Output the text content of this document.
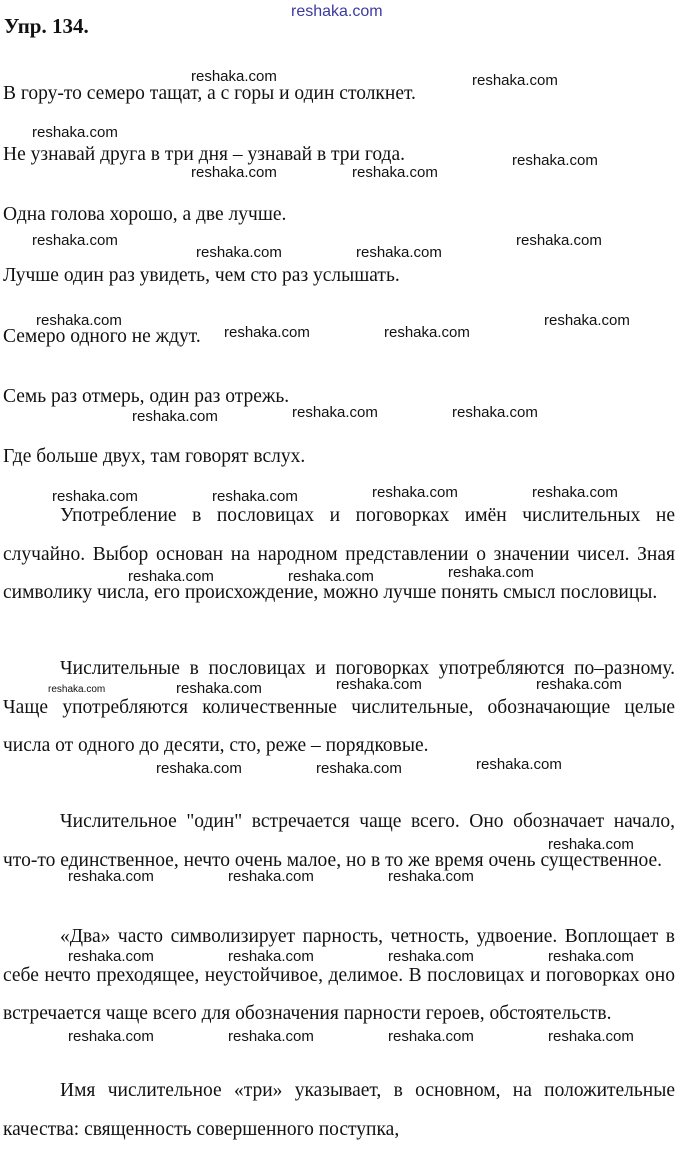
Упр. 134.

В гору-то семеро тащат, а с горы и один столкнет.

Не узнавай друга в три дня – узнавай в три года.

Одна голова хорошо, а две лучше.

Лучше один раз увидеть, чем сто раз услышать.

Семеро одного не ждут.

Семь раз отмерь, один раз отрежь.

Где больше двух, там говорят вслух.

Употребление в пословицах и поговорках имён числительных не случайно. Выбор основан на народном представлении о значении чисел. Зная символику числа, его происхождение, можно лучше понять смысл пословицы.

Числительные в пословицах и поговорках употребляются по–разному. Чаще употребляются количественные числительные, обозначающие целые числа от одного до десяти, сто, реже – порядковые.

Числительное "один" встречается чаще всего. Оно обозначает начало, что-то единственное, нечто очень малое, но в то же время очень существенное.

«Два» часто символизирует парность, четность, удвоение. Воплощает в себе нечто преходящее, неустойчивое, делимое. В пословицах и поговорках оно встречается чаще всего для обозначения парности героев, обстоятельств.

Имя числительное «три» указывает, в основном, на положительные качества: священность совершенного поступка,

reshaka.com
reshaka.com	reshaka.com
reshaka.com
reshaka.com
reshaka.com	reshaka.com
reshaka.com	reshaka.com
reshaka.com	reshaka.com
reshaka.com	reshaka.com
reshaka.com	reshaka.com
reshaka.com	reshaka.com
reshaka.com
reshaka.com	reshaka.com
reshaka.com	reshaka.com
reshaka.com
reshaka.com	reshaka.com
reshaka.com	reshaka.com
reshaka.com	reshaka.com
reshaka.com
reshaka.com	reshaka.com
reshaka.com
reshaka.com	reshaka.com	reshaka.com
reshaka.com
reshaka.com	reshaka.com	reshaka.com
reshaka.com
reshaka.com	reshaka.com	reshaka.com
